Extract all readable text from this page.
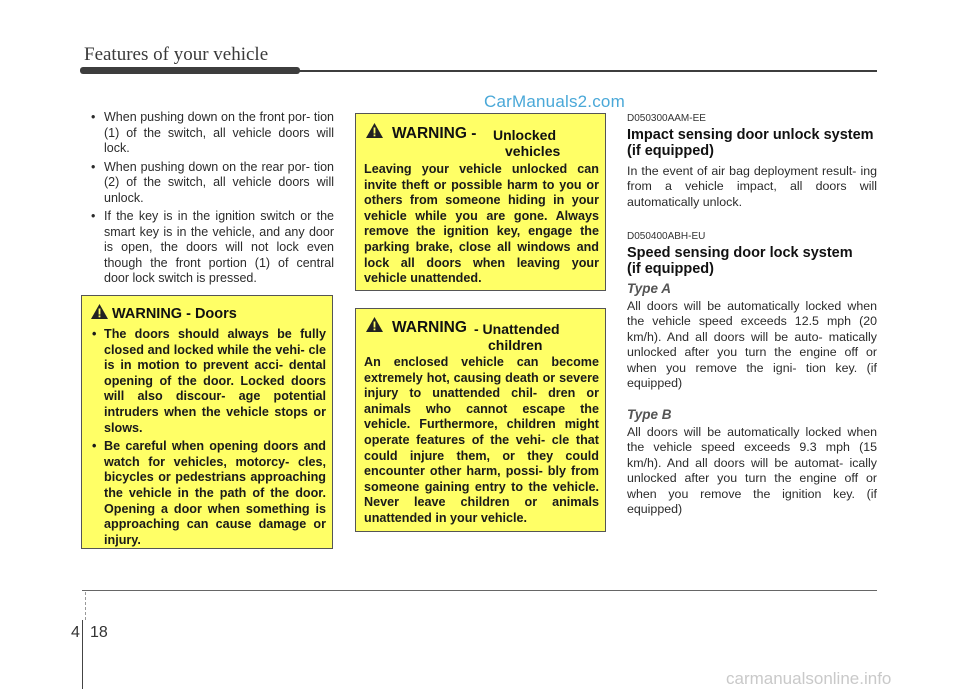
Features of your vehicle
CarManuals2.com
• When pushing down on the front por- tion (1) of the switch, all vehicle doors will lock.
• When pushing down on the rear por- tion (2) of the switch, all vehicle doors will unlock.
• If the key is in the ignition switch or the smart key is in the vehicle, and any door is open, the doors will not lock even though the front portion (1) of central door lock switch is pressed.
WARNING - Doors
• The doors should always be fully closed and locked while the vehi- cle is in motion to prevent acci- dental opening of the door. Locked doors will also discour- age potential intruders when the vehicle stops or slows.
• Be careful when opening doors and watch for vehicles, motorcy- cles, bicycles or pedestrians approaching the vehicle in the path of the door. Opening a door when something is approaching can cause damage or injury.
WARNING - Unlocked
vehicles
Leaving your vehicle unlocked can invite theft or possible harm to you or others from someone hiding in your vehicle while you are gone. Always remove the ignition key, engage the parking brake, close all windows and lock all doors when leaving your vehicle unattended.
WARNING - Unattended
children
An enclosed vehicle can become extremely hot, causing death or severe injury to unattended chil- dren or animals who cannot escape the vehicle. Furthermore, children might operate features of the vehi- cle that could injure them, or they could encounter other harm, possi- bly from someone gaining entry to the vehicle. Never leave children or animals unattended in your vehicle.
D050300AAM-EE
Impact sensing door unlock system
(if equipped)
In the event of air bag deployment result- ing from a vehicle impact, all doors will automatically unlock.
D050400ABH-EU
Speed sensing door lock system
(if equipped)
Type A
All doors will be automatically locked when the vehicle speed exceeds 12.5 mph (20 km/h). And all doors will be auto- matically unlocked after you turn the engine off or when you remove the igni- tion key. (if equipped)
Type B
All doors will be automatically locked when the vehicle speed exceeds 9.3 mph (15 km/h). And all doors will be automat- ically unlocked after you turn the engine off or when you remove the ignition key. (if equipped)
4 18
carmanualsonline.info
